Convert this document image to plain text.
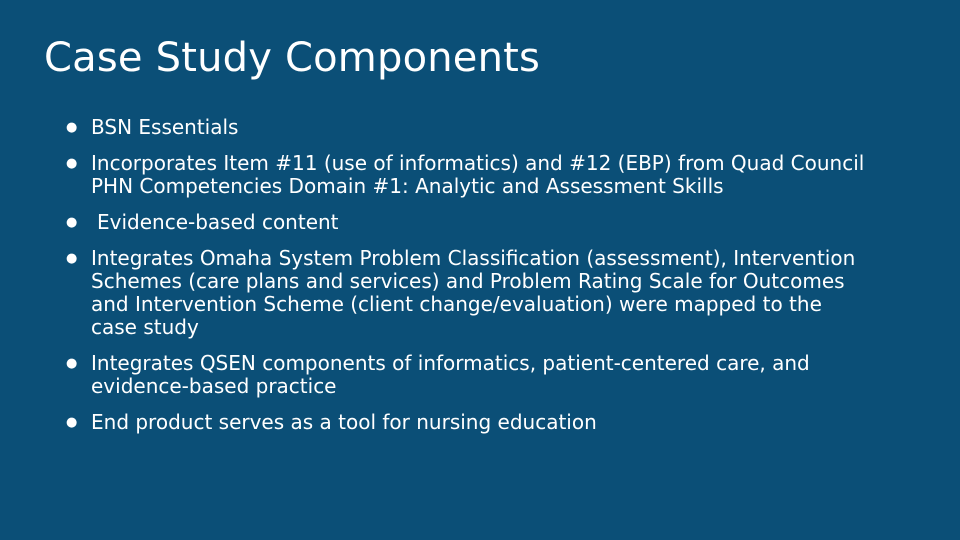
Case Study Components
● BSN Essentials
● Incorporates Item #11 (use of informatics) and #12 (EBP) from Quad Council PHN Competencies Domain #1: Analytic and Assessment Skills
● Evidence-based content
● Integrates Omaha System Problem Classification (assessment), Intervention Schemes (care plans and services) and Problem Rating Scale for Outcomes and Intervention Scheme (client change/evaluation) were mapped to the case study
● Integrates QSEN components of informatics, patient-centered care, and evidence-based practice
● End product serves as a tool for nursing education
